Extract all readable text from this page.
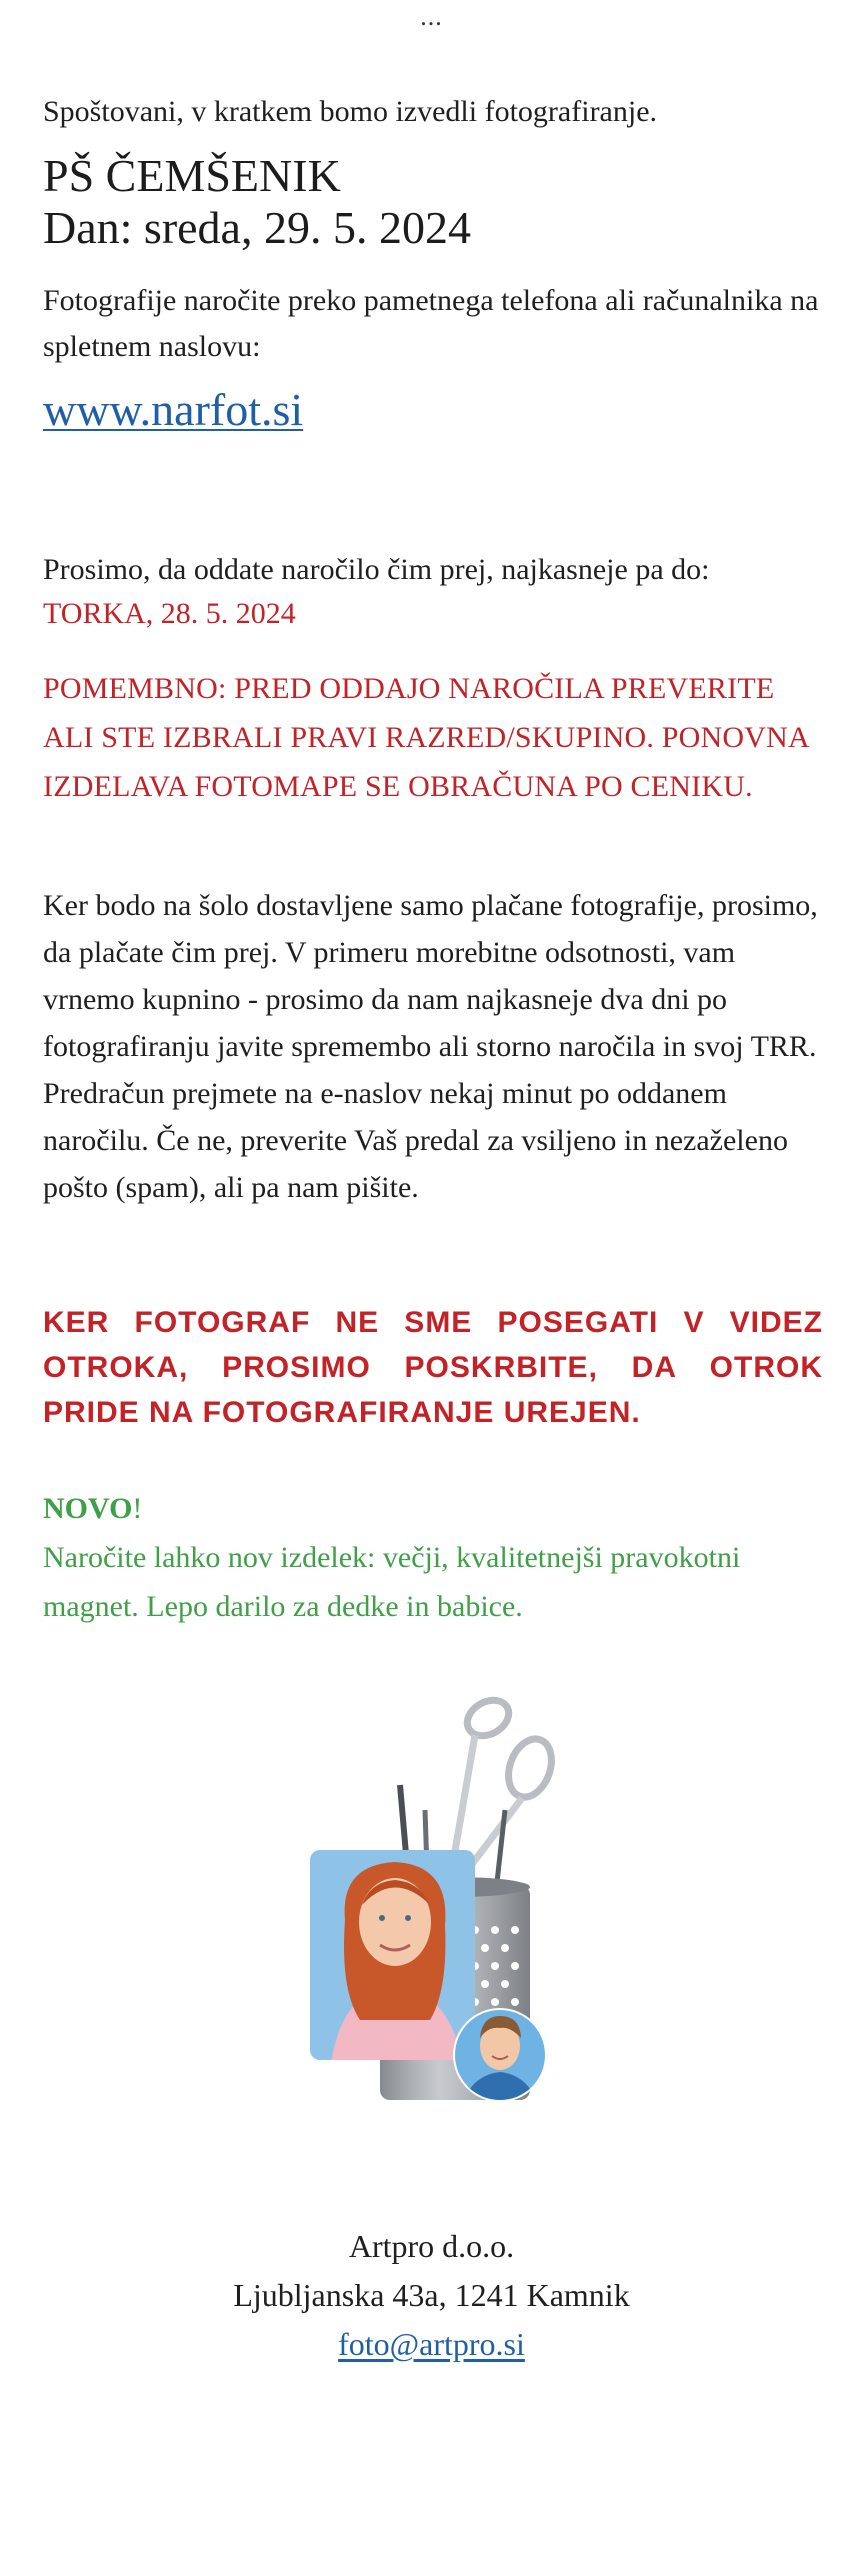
...
Spoštovani, v kratkem bomo izvedli fotografiranje.
PŠ ČEMŠENIK
Dan: sreda, 29. 5. 2024
Fotografije naročite preko pametnega telefona ali računalnika na spletnem naslovu:
www.narfot.si
Prosimo, da oddate naročilo čim prej, najkasneje pa do:
TORKA, 28. 5. 2024
POMEMBNO: PRED ODDAJO NAROČILA PREVERITE ALI STE IZBRALI PRAVI RAZRED/SKUPINO. PONOVNA IZDELAVA FOTOMAPE SE OBRAČUNA PO CENIKU.
Ker bodo na šolo dostavljene samo plačane fotografije, prosimo, da plačate čim prej. V primeru morebitne odsotnosti, vam vrnemo kupnino - prosimo da nam najkasneje dva dni po fotografiranju javite spremembo ali storno naročila in svoj TRR.
Predračun prejmete na e-naslov nekaj minut po oddanem naročilu. Če ne, preverite Vaš predal za vsiljeno in nezaželeno pošto (spam), ali pa nam pišite.
KER FOTOGRAF NE SME POSEGATI V VIDEZ OTROKA, PROSIMO POSKRBITE, DA OTROK PRIDE NA FOTOGRAFIRANJE UREJEN.
NOVO!
Naročite lahko nov izdelek: večji, kvalitetnejši pravokotni magnet. Lepo darilo za dedke in babice.
Artpro d.o.o.
Ljubljanska 43a, 1241 Kamnik
foto@artpro.si
